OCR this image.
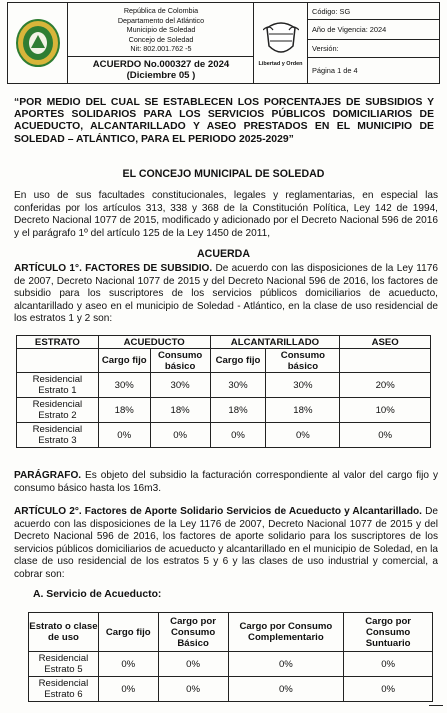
República de Colombia
Departamento del Atlántico
Municipio de Soledad
Concejo de Soledad
Nit: 802.001.762 -5
ACUERDO No.000327 de 2024
(Diciembre 05 )
Libertad y Orden
Código: SG
Año de Vigencia: 2024
Versión:
Página 1 de 4
“POR MEDIO DEL CUAL SE ESTABLECEN LOS PORCENTAJES DE SUBSIDIOS Y APORTES SOLIDARIOS PARA LOS SERVICIOS PÚBLICOS DOMICILIARIOS DE ACUEDUCTO, ALCANTARILLADO Y ASEO PRESTADOS EN EL MUNICIPIO DE SOLEDAD – ATLÁNTICO, PARA EL PERIODO 2025-2029”
EL CONCEJO MUNICIPAL DE SOLEDAD
En uso de sus facultades constitucionales, legales y reglamentarias, en especial las conferidas por los artículos 313, 338 y 368 de la Constitución Política, Ley 142 de 1994, Decreto Nacional 1077 de 2015, modificado y adicionado por el Decreto Nacional 596 de 2016 y el parágrafo 1º del artículo 125 de la Ley 1450 de 2011,
ACUERDA
ARTÍCULO 1°. FACTORES DE SUBSIDIO. De acuerdo con las disposiciones de la Ley 1176 de 2007, Decreto Nacional 1077 de 2015 y del Decreto Nacional 596 de 2016, los factores de subsidio para los suscriptores de los servicios públicos domiciliarios de acueducto, alcantarillado y aseo en el municipio de Soledad - Atlántico, en la clase de uso residencial de los estratos 1 y 2 son:
ESTRATO	ACUEDUCTO		ALCANTARILLADO		ASEO
	Cargo fijo	Consumo básico	Cargo fijo	Consumo básico	
Residencial Estrato 1	30%	30%	30%	30%	20%
Residencial Estrato 2	18%	18%	18%	18%	10%
Residencial Estrato 3	0%	0%	0%	0%	0%
PARÁGRAFO. Es objeto del subsidio la facturación correspondiente al valor del cargo fijo y consumo básico hasta los 16m3.
ARTÍCULO 2°. Factores de Aporte Solidario Servicios de Acueducto y Alcantarillado. De acuerdo con las disposiciones de la Ley 1176 de 2007, Decreto Nacional 1077 de 2015 y del Decreto Nacional 596 de 2016, los factores de aporte solidario para los suscriptores de los servicios públicos domiciliarios de acueducto y alcantarillado en el municipio de Soledad, en la clase de uso residencial de los estratos 5 y 6 y las clases de uso industrial y comercial, a cobrar son:
A. Servicio de Acueducto:
Estrato o clase de uso	Cargo fijo	Cargo por Consumo Básico	Cargo por Consumo Complementario	Cargo por Consumo Suntuario
Residencial Estrato 5	0%	0%	0%	0%
Residencial Estrato 6	0%	0%	0%	0%
